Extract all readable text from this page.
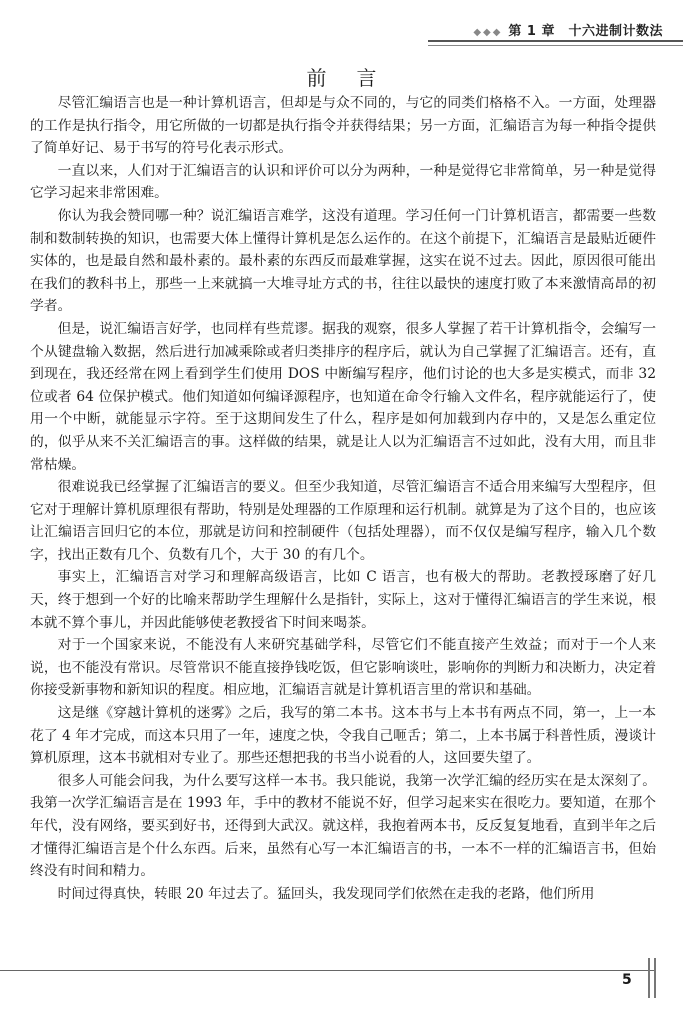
◆◆◆ 第 1 章　十六进制计数法
前言

尽管汇编语言也是一种计算机语言，但却是与众不同的，与它的同类们格格不入。一方面，处理器的工作是执行指令，用它所做的一切都是执行指令并获得结果；另一方面，汇编语言为每一种指令提供了简单好记、易于书写的符号化表示形式。

一直以来，人们对于汇编语言的认识和评价可以分为两种，一种是觉得它非常简单，另一种是觉得它学习起来非常困难。

你认为我会赞同哪一种？说汇编语言难学，这没有道理。学习任何一门计算机语言，都需要一些数制和数制转换的知识，也需要大体上懂得计算机是怎么运作的。在这个前提下，汇编语言是最贴近硬件实体的，也是最自然和最朴素的。最朴素的东西反而最难掌握，这实在说不过去。因此，原因很可能出在我们的教科书上，那些一上来就搞一大堆寻址方式的书，往往以最快的速度打败了本来激情高昂的初学者。

但是，说汇编语言好学，也同样有些荒谬。据我的观察，很多人掌握了若干计算机指令，会编写一个从键盘输入数据，然后进行加减乘除或者归类排序的程序后，就认为自己掌握了汇编语言。还有，直到现在，我还经常在网上看到学生们使用 DOS 中断编写程序，他们讨论的也大多是实模式，而非 32 位或者 64 位保护模式。他们知道如何编译源程序，也知道在命令行输入文件名，程序就能运行了，使用一个中断，就能显示字符。至于这期间发生了什么，程序是如何加载到内存中的，又是怎么重定位的，似乎从来不关汇编语言的事。这样做的结果，就是让人以为汇编语言不过如此，没有大用，而且非常枯燥。

很难说我已经掌握了汇编语言的要义。但至少我知道，尽管汇编语言不适合用来编写大型程序，但它对于理解计算机原理很有帮助，特别是处理器的工作原理和运行机制。就算是为了这个目的，也应该让汇编语言回归它的本位，那就是访问和控制硬件（包括处理器），而不仅仅是编写程序，输入几个数字，找出正数有几个、负数有几个，大于 30 的有几个。

事实上，汇编语言对学习和理解高级语言，比如 C 语言，也有极大的帮助。老教授琢磨了好几天，终于想到一个好的比喻来帮助学生理解什么是指针，实际上，这对于懂得汇编语言的学生来说，根本就不算个事儿，并因此能够使老教授省下时间来喝茶。

对于一个国家来说，不能没有人来研究基础学科，尽管它们不能直接产生效益；而对于一个人来说，也不能没有常识。尽管常识不能直接挣钱吃饭，但它影响谈吐，影响你的判断力和决断力，决定着你接受新事物和新知识的程度。相应地，汇编语言就是计算机语言里的常识和基础。

这是继《穿越计算机的迷雾》之后，我写的第二本书。这本书与上本书有两点不同，第一，上一本花了 4 年才完成，而这本只用了一年，速度之快，令我自己咂舌；第二，上本书属于科普性质，漫谈计算机原理，这本书就相对专业了。那些还想把我的书当小说看的人，这回要失望了。

很多人可能会问我，为什么要写这样一本书。我只能说，我第一次学汇编的经历实在是太深刻了。我第一次学汇编语言是在 1993 年，手中的教材不能说不好，但学习起来实在很吃力。要知道，在那个年代，没有网络，要买到好书，还得到大武汉。就这样，我抱着两本书，反反复复地看，直到半年之后才懂得汇编语言是个什么东西。后来，虽然有心写一本汇编语言的书，一本不一样的汇编语言书，但始终没有时间和精力。

时间过得真快，转眼 20 年过去了。猛回头，我发现同学们依然在走我的老路，他们所用

5
